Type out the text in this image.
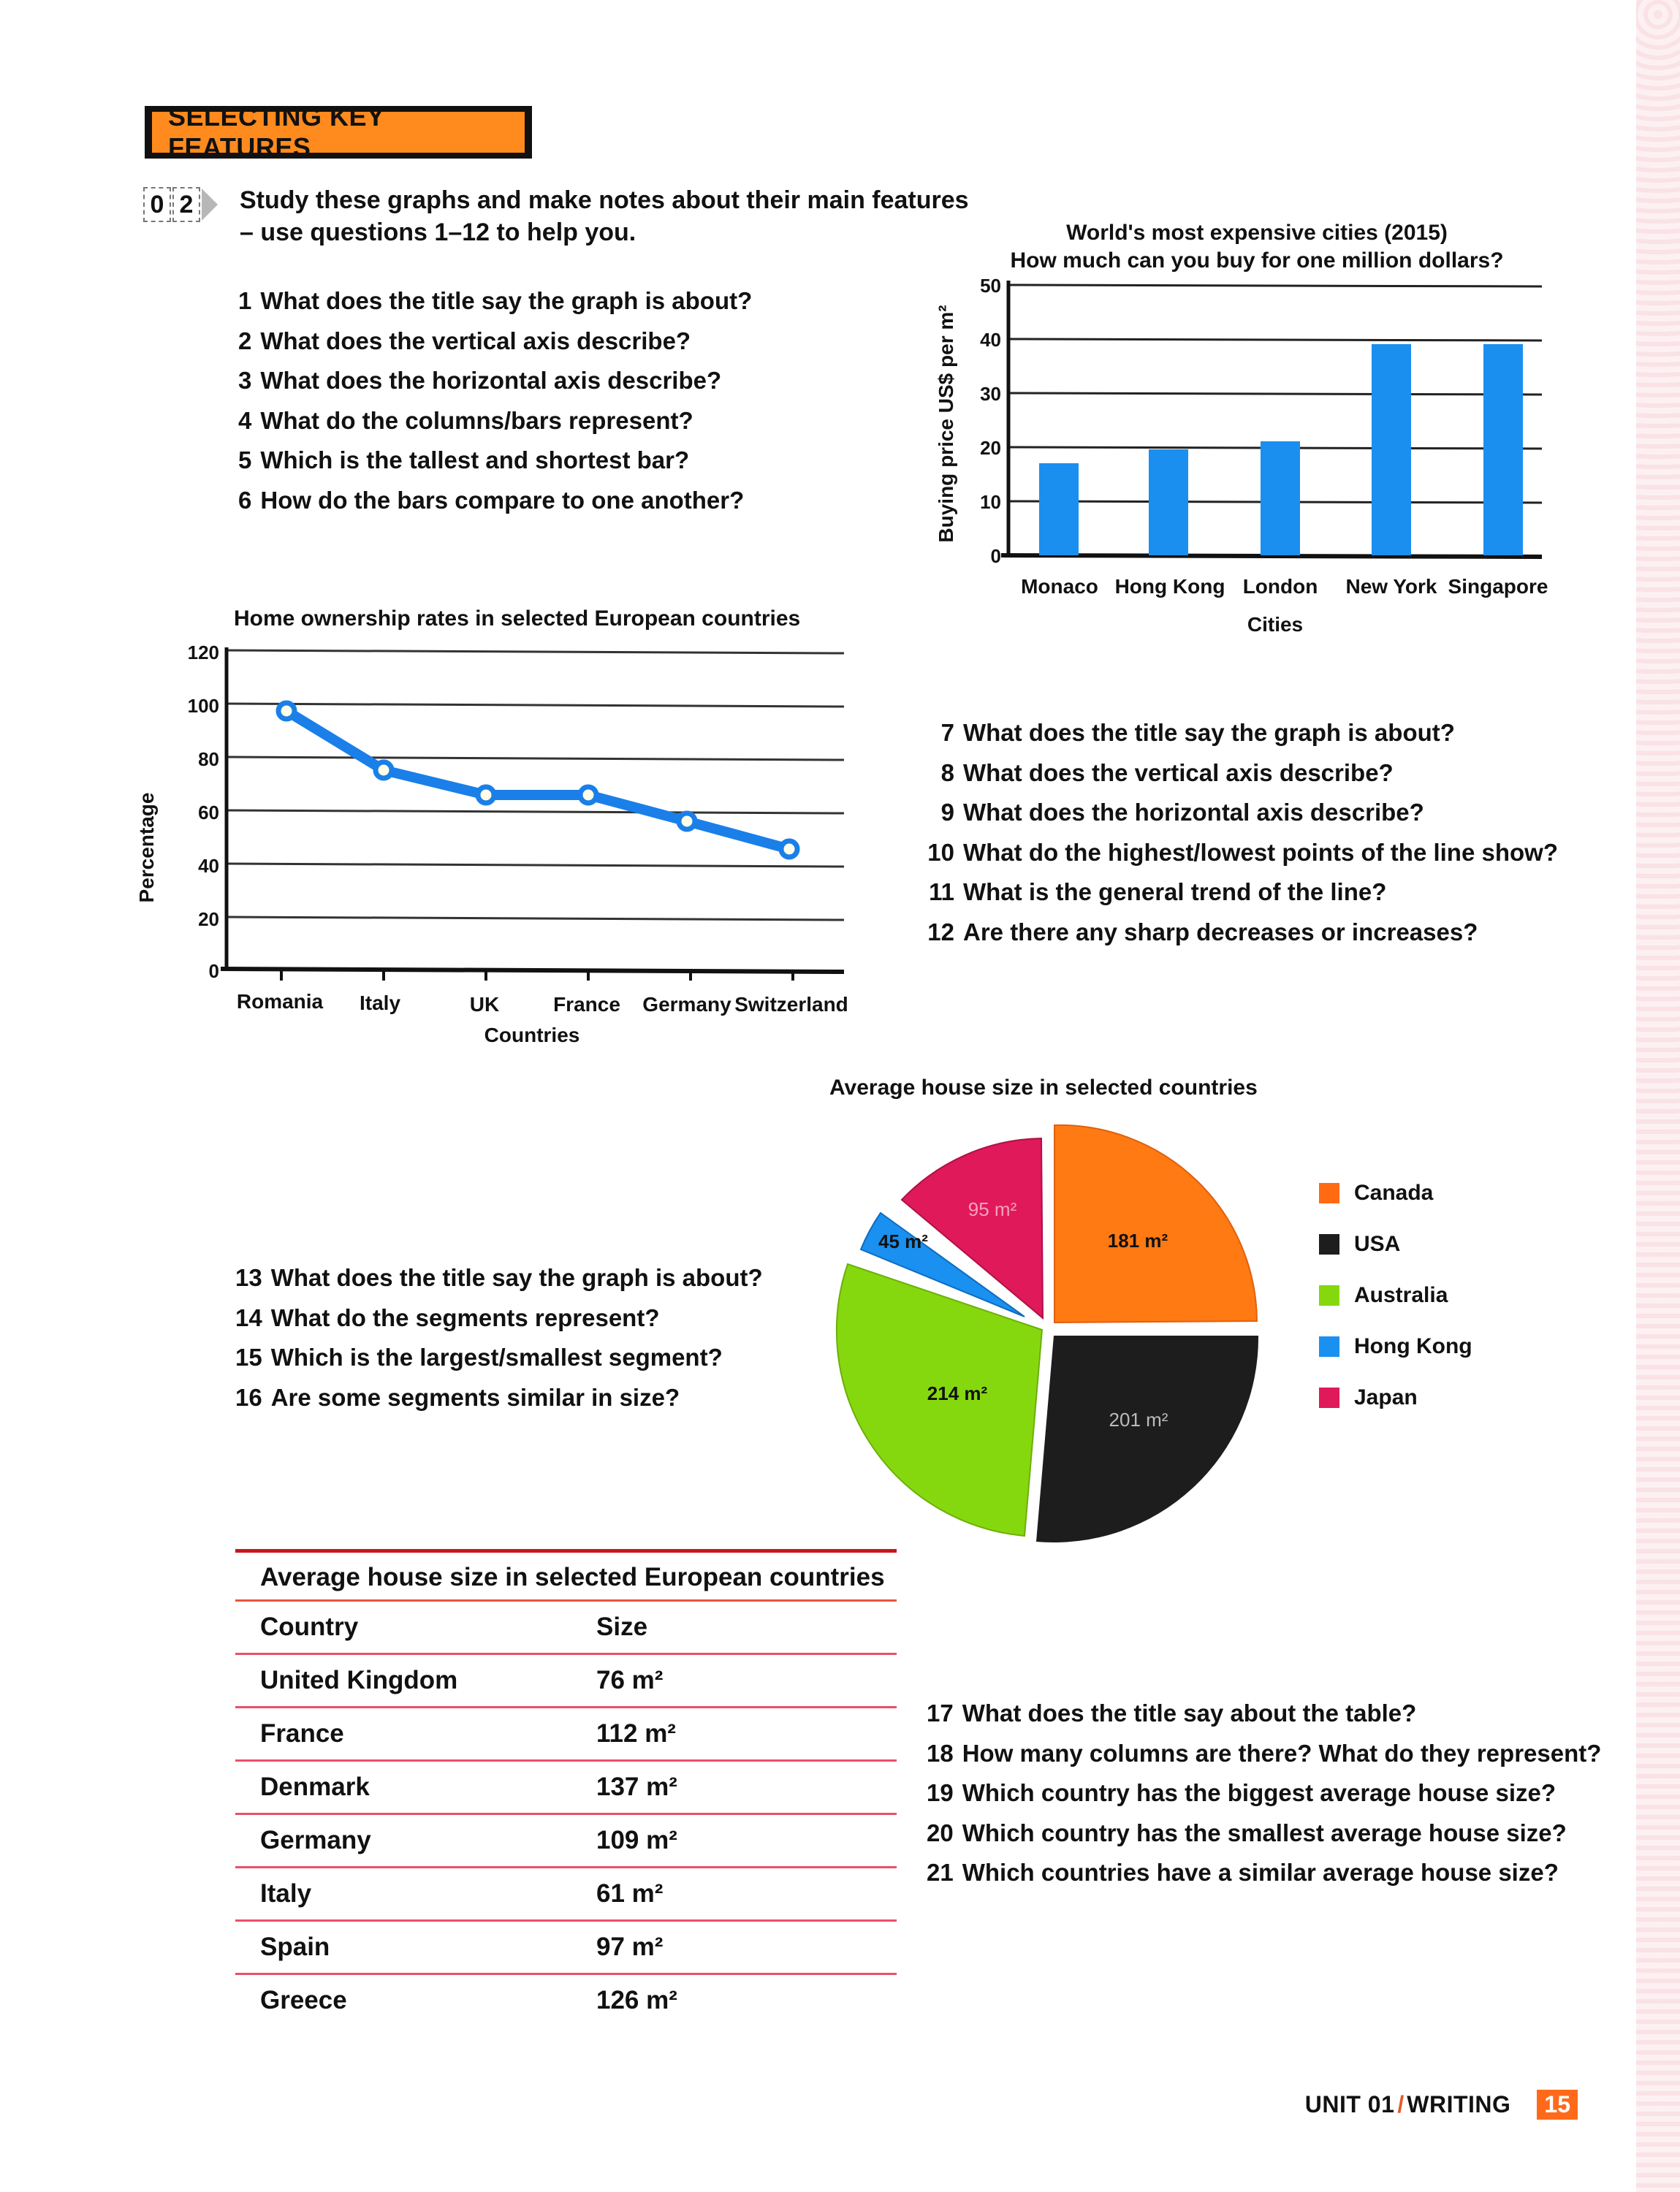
SELECTING KEY FEATURES
0 2 Study these graphs and make notes about their main features – use questions 1–12 to help you.
1 What does the title say the graph is about?
2 What does the vertical axis describe?
3 What does the horizontal axis describe?
4 What do the columns/bars represent?
5 Which is the tallest and shortest bar?
6 How do the bars compare to one another?
World's most expensive cities (2015)
How much can you buy for one million dollars?
0
10
20
30
40
50
Buying price US$ per m²
Monaco Hong Kong London New York Singapore
Cities
Home ownership rates in selected European countries
0
20
40
60
80
100
120
Percentage
Romania Italy	UK	France Germany Switzerland
Countries
7 What does the title say the graph is about?
8 What does the vertical axis describe?
9 What does the horizontal axis describe?
10 What do the highest/lowest points of the line show?
11 What is the general trend of the line?
12 Are there any sharp decreases or increases?
Average house size in selected countries
181 m²
201 m²
214 m²
45 m²
95 m²
Canada
USA
Australia
Hong Kong
Japan
13 What does the title say the graph is about?
14 What do the segments represent?
15 Which is the largest/smallest segment?
16 Are some segments similar in size?
Average house size in selected European countries
Country	Size
United Kingdom	76 m²
France	112 m²
Denmark	137 m²
Germany	109 m²
Italy	61 m²
Spain	97 m²
Greece	126 m²
17 What does the title say about the table?
18 How many columns are there? What do they represent?
19 Which country has the biggest average house size?
20 Which country has the smallest average house size?
21 Which countries have a similar average house size?
UNIT 01 / WRITING	15
